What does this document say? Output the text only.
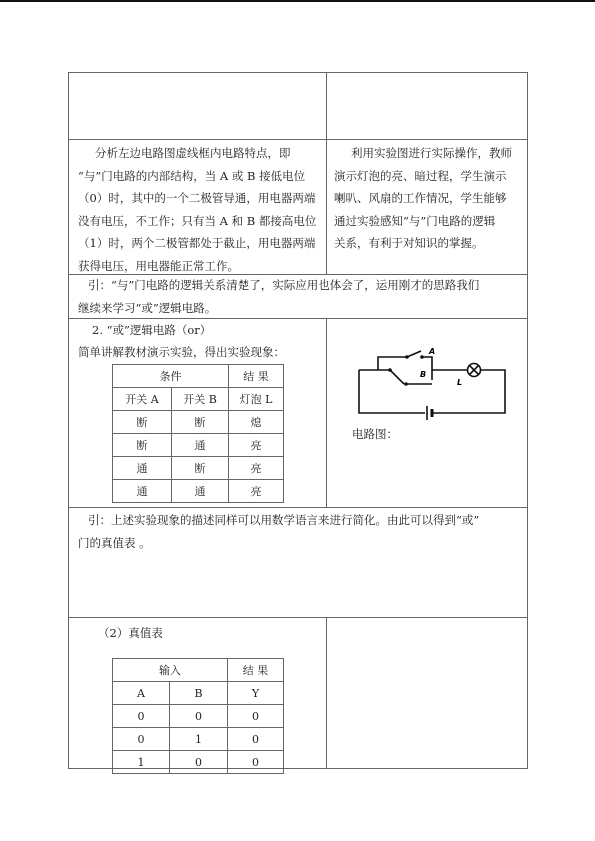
分析左边电路图虚线框内电路特点，即
“与”门电路的内部结构，当 A 或 B 接低电位
（0）时，其中的一个二极管导通，用电器两端
没有电压，不工作；只有当 A 和 B 都接高电位
（1）时，两个二极管都处于截止，用电器两端
获得电压，用电器能正常工作。
利用实验图进行实际操作，教师
演示灯泡的亮、暗过程，学生演示
喇叭、风扇的工作情况，学生能够
通过实验感知“与”门电路的逻辑
关系，有利于对知识的掌握。
引：“与”门电路的逻辑关系清楚了，实际应用也体会了，运用刚才的思路我们
继续来学习“或”逻辑电路。
2. “或”逻辑电路（or）
简单讲解教材演示实验，得出实验现象：
条件		结 果
开关 A	开关 B	灯泡 L
断	断	熄
断	通	亮
通	断	亮
通	通	亮
A
B
L
电路图：
引：上述实验现象的描述同样可以用数学语言来进行简化。由此可以得到“或”
门的真值表 。
（2）真值表
输入		结 果
A	B	Y
0	0	0
0	1	0
1	0	0
